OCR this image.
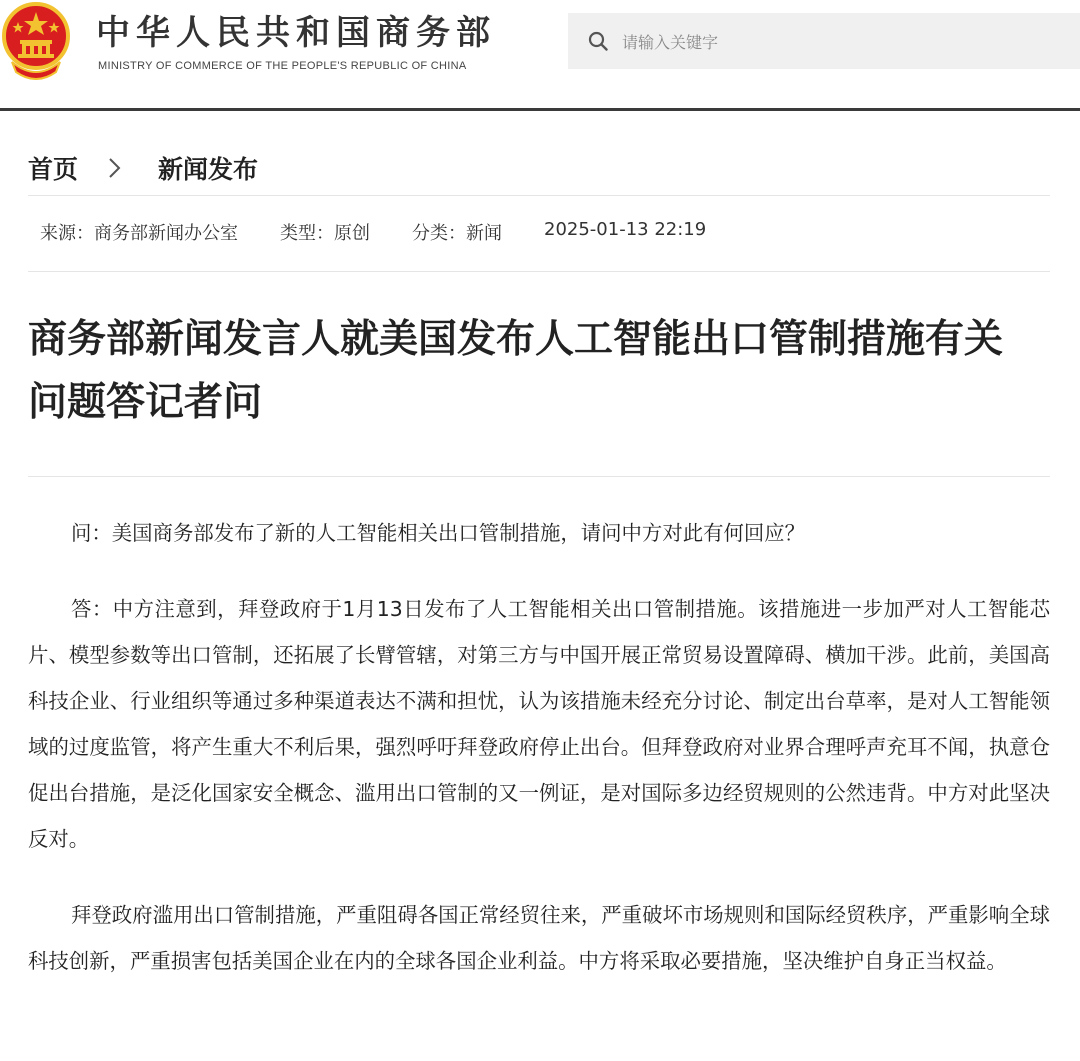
中华人民共和国商务部
MINISTRY OF COMMERCE OF THE PEOPLE'S REPUBLIC OF CHINA
请输入关键字
首页	新闻发布
来源：商务部新闻办公室 类型：原创 分类：新闻 2025-01-13 22:19
商务部新闻发言人就美国发布人工智能出口管制措施有关问题答记者问

问：美国商务部发布了新的人工智能相关出口管制措施，请问中方对此有何回应？

答：中方注意到，拜登政府于1月13日发布了人工智能相关出口管制措施。该措施进一步加严对人工智能芯片、模型参数等出口管制，还拓展了长臂管辖，对第三方与中国开展正常贸易设置障碍、横加干涉。此前，美国高科技企业、行业组织等通过多种渠道表达不满和担忧，认为该措施未经充分讨论、制定出台草率，是对人工智能领域的过度监管，将产生重大不利后果，强烈呼吁拜登政府停止出台。但拜登政府对业界合理呼声充耳不闻，执意仓促出台措施，是泛化国家安全概念、滥用出口管制的又一例证，是对国际多边经贸规则的公然违背。中方对此坚决反对。

拜登政府滥用出口管制措施，严重阻碍各国正常经贸往来，严重破坏市场规则和国际经贸秩序，严重影响全球科技创新，严重损害包括美国企业在内的全球各国企业利益。中方将采取必要措施，坚决维护自身正当权益。
